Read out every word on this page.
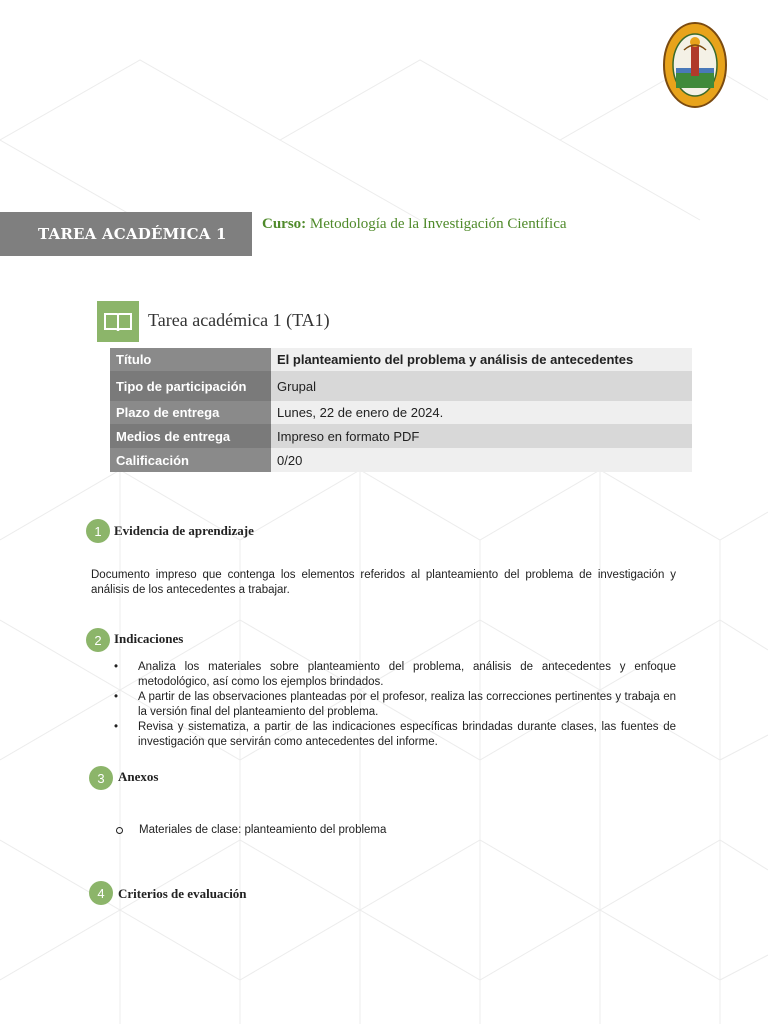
TAREA ACADÉMICA 1
Curso: Metodología de la Investigación Científica
Tarea académica 1 (TA1)
Título	El planteamiento del problema y análisis de antecedentes
Tipo de participación	Grupal
Plazo de entrega	Lunes, 22 de enero de 2024.
Medios de entrega	Impreso en formato PDF
Calificación	0/20
1 Evidencia de aprendizaje
Documento impreso que contenga los elementos referidos al planteamiento del problema de investigación y análisis de los antecedentes a trabajar.
2 Indicaciones
• Analiza los materiales sobre planteamiento del problema, análisis de antecedentes y enfoque metodológico, así como los ejemplos brindados.
• A partir de las observaciones planteadas por el profesor, realiza las correcciones pertinentes y trabaja en la versión final del planteamiento del problema.
• Revisa y sistematiza, a partir de las indicaciones específicas brindadas durante clases, las fuentes de investigación que servirán como antecedentes del informe.
3	Anexos
Materiales de clase: planteamiento del problema
4	Criterios de evaluación
